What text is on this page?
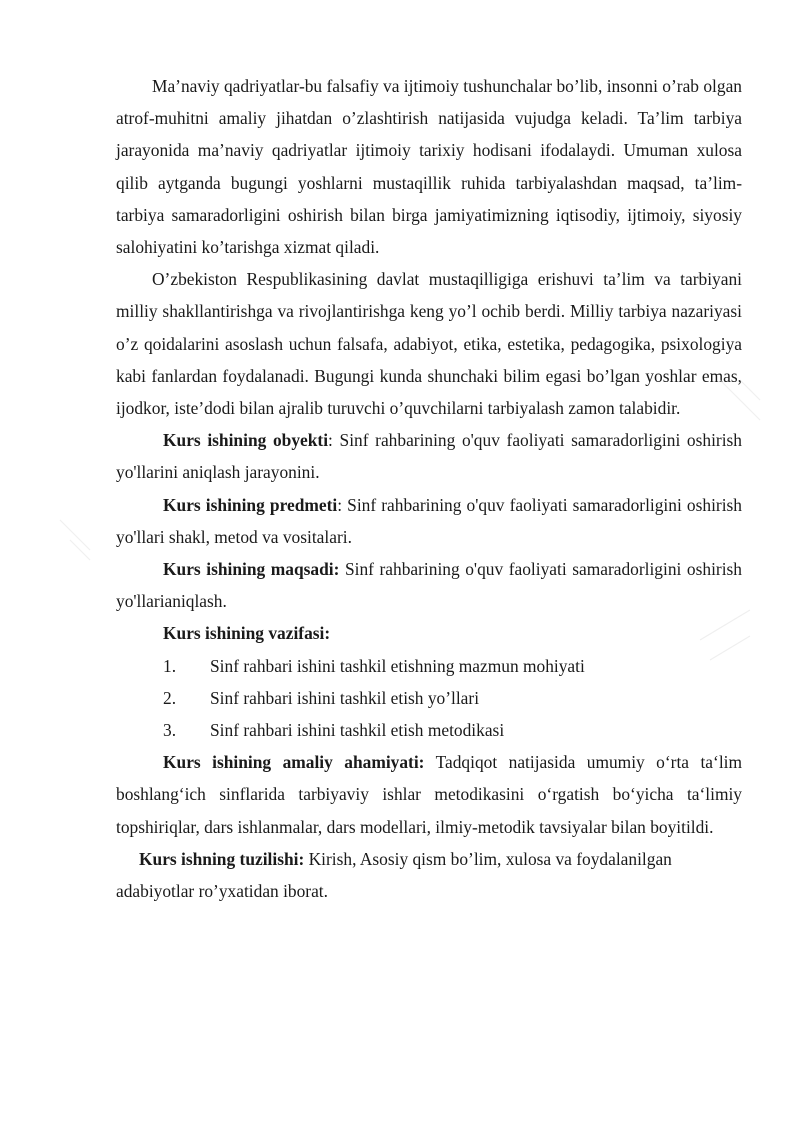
Ma’naviy qadriyatlar-bu falsafiy va ijtimoiy tushunchalar bo’lib, insonni o’rab olgan atrof-muhitni amaliy jihatdan o’zlashtirish natijasida vujudga keladi. Ta’lim tarbiya jarayonida ma’naviy qadriyatlar ijtimoiy tarixiy hodisani ifodalaydi. Umuman xulosa qilib aytganda bugungi yoshlarni mustaqillik ruhida tarbiyalashdan maqsad, ta’lim-tarbiya samaradorligini oshirish bilan birga jamiyatimizning iqtisodiy, ijtimoiy, siyosiy salohiyatini ko’tarishga xizmat qiladi.

O’zbekiston Respublikasining davlat mustaqilligiga erishuvi ta’lim va tarbiyani milliy shakllantirishga va rivojlantirishga keng yo’l ochib berdi. Milliy tarbiya nazariyasi o’z qoidalarini asoslash uchun falsafa, adabiyot, etika, estetika, pedagogika, psixologiya kabi fanlardan foydalanadi. Bugungi kunda shunchaki bilim egasi bo’lgan yoshlar emas, ijodkor, iste’dodi bilan ajralib turuvchi o’quvchilarni tarbiyalash zamon talabidir.

Kurs ishining obyekti: Sinf rahbarining o'quv faoliyati samaradorligini oshirish yo'llarini aniqlash jarayonini.

Kurs ishining predmeti: Sinf rahbarining o'quv faoliyati samaradorligini oshirish yo'llari shakl, metod va vositalari.

Kurs ishining maqsadi: Sinf rahbarining o'quv faoliyati samaradorligini oshirish yo'llarianiqlash.

Kurs ishining vazifasi:

1.	Sinf rahbari ishini tashkil etishning mazmun mohiyati
2.	Sinf rahbari ishini tashkil etish yo’llari
3.	Sinf rahbari ishini tashkil etish metodikasi

Kurs ishining amaliy ahamiyati: Tadqiqot natijasida umumiy o‘rta ta‘lim boshlang‘ich sinflarida tarbiyaviy ishlar metodikasini o‘rgatish bo‘yicha ta‘limiy topshiriqlar, dars ishlanmalar, dars modellari, ilmiy-metodik tavsiyalar bilan boyitildi.

Kurs ishning tuzilishi: Kirish, Asosiy qism bo’lim, xulosa va foydalanilgan adabiyotlar ro’yxatidan iborat.
